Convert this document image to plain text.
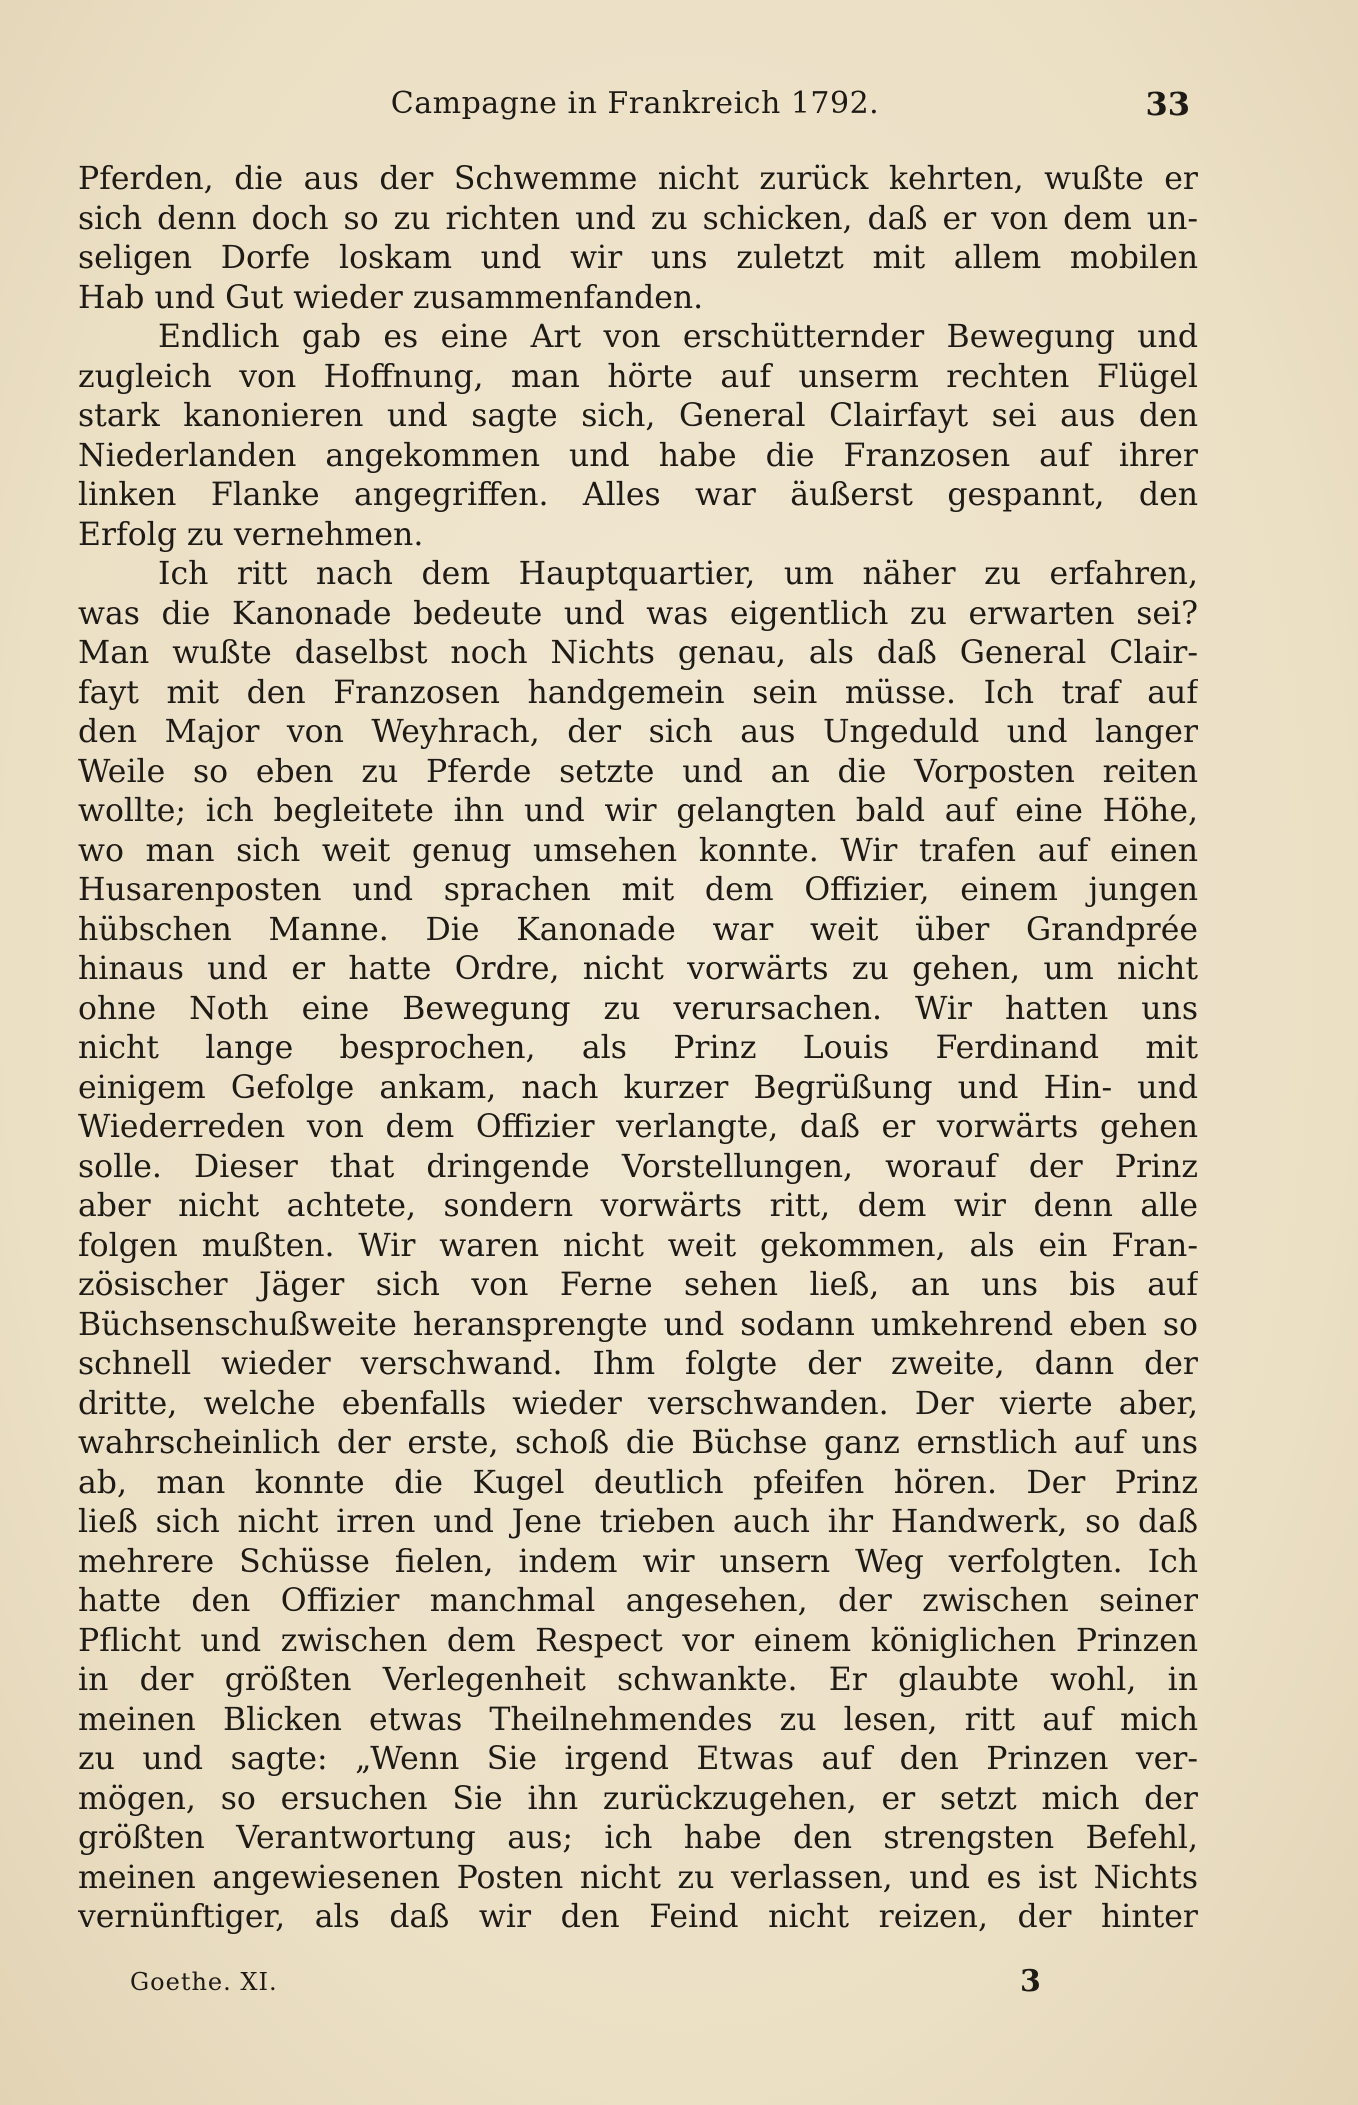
Campagne in Frankreich 1792.	33
Pferden, die aus der Schwemme nicht zurück kehrten, wußte er
sich denn doch so zu richten und zu schicken, daß er von dem un-
seligen Dorfe loskam und wir uns zuletzt mit allem mobilen
Hab und Gut wieder zusammenfanden.
Endlich gab es eine Art von erschütternder Bewegung und
zugleich von Hoffnung, man hörte auf unserm rechten Flügel
stark kanonieren und sagte sich, General Clairfayt sei aus den
Niederlanden angekommen und habe die Franzosen auf ihrer
linken Flanke angegriffen. Alles war äußerst gespannt, den
Erfolg zu vernehmen.
Ich ritt nach dem Hauptquartier, um näher zu erfahren,
was die Kanonade bedeute und was eigentlich zu erwarten sei?
Man wußte daselbst noch Nichts genau, als daß General Clair-
fayt mit den Franzosen handgemein sein müsse. Ich traf auf
den Major von Weyhrach, der sich aus Ungeduld und langer
Weile so eben zu Pferde setzte und an die Vorposten reiten
wollte; ich begleitete ihn und wir gelangten bald auf eine Höhe,
wo man sich weit genug umsehen konnte. Wir trafen auf einen
Husarenposten und sprachen mit dem Offizier, einem jungen
hübschen Manne. Die Kanonade war weit über Grandprée
hinaus und er hatte Ordre, nicht vorwärts zu gehen, um nicht
ohne Noth eine Bewegung zu verursachen. Wir hatten uns
nicht lange besprochen, als Prinz Louis Ferdinand mit
einigem Gefolge ankam, nach kurzer Begrüßung und Hin- und
Wiederreden von dem Offizier verlangte, daß er vorwärts gehen
solle. Dieser that dringende Vorstellungen, worauf der Prinz
aber nicht achtete, sondern vorwärts ritt, dem wir denn alle
folgen mußten. Wir waren nicht weit gekommen, als ein Fran-
zösischer Jäger sich von Ferne sehen ließ, an uns bis auf
Büchsenschußweite heransprengte und sodann umkehrend eben so
schnell wieder verschwand. Ihm folgte der zweite, dann der
dritte, welche ebenfalls wieder verschwanden. Der vierte aber,
wahrscheinlich der erste, schoß die Büchse ganz ernstlich auf uns
ab, man konnte die Kugel deutlich pfeifen hören. Der Prinz
ließ sich nicht irren und Jene trieben auch ihr Handwerk, so daß
mehrere Schüsse fielen, indem wir unsern Weg verfolgten. Ich
hatte den Offizier manchmal angesehen, der zwischen seiner
Pflicht und zwischen dem Respect vor einem königlichen Prinzen
in der größten Verlegenheit schwankte. Er glaubte wohl, in
meinen Blicken etwas Theilnehmendes zu lesen, ritt auf mich
zu und sagte: „Wenn Sie irgend Etwas auf den Prinzen ver-
mögen, so ersuchen Sie ihn zurückzugehen, er setzt mich der
größten Verantwortung aus; ich habe den strengsten Befehl,
meinen angewiesenen Posten nicht zu verlassen, und es ist Nichts
vernünftiger, als daß wir den Feind nicht reizen, der hinter
Goethe. XI.	3
